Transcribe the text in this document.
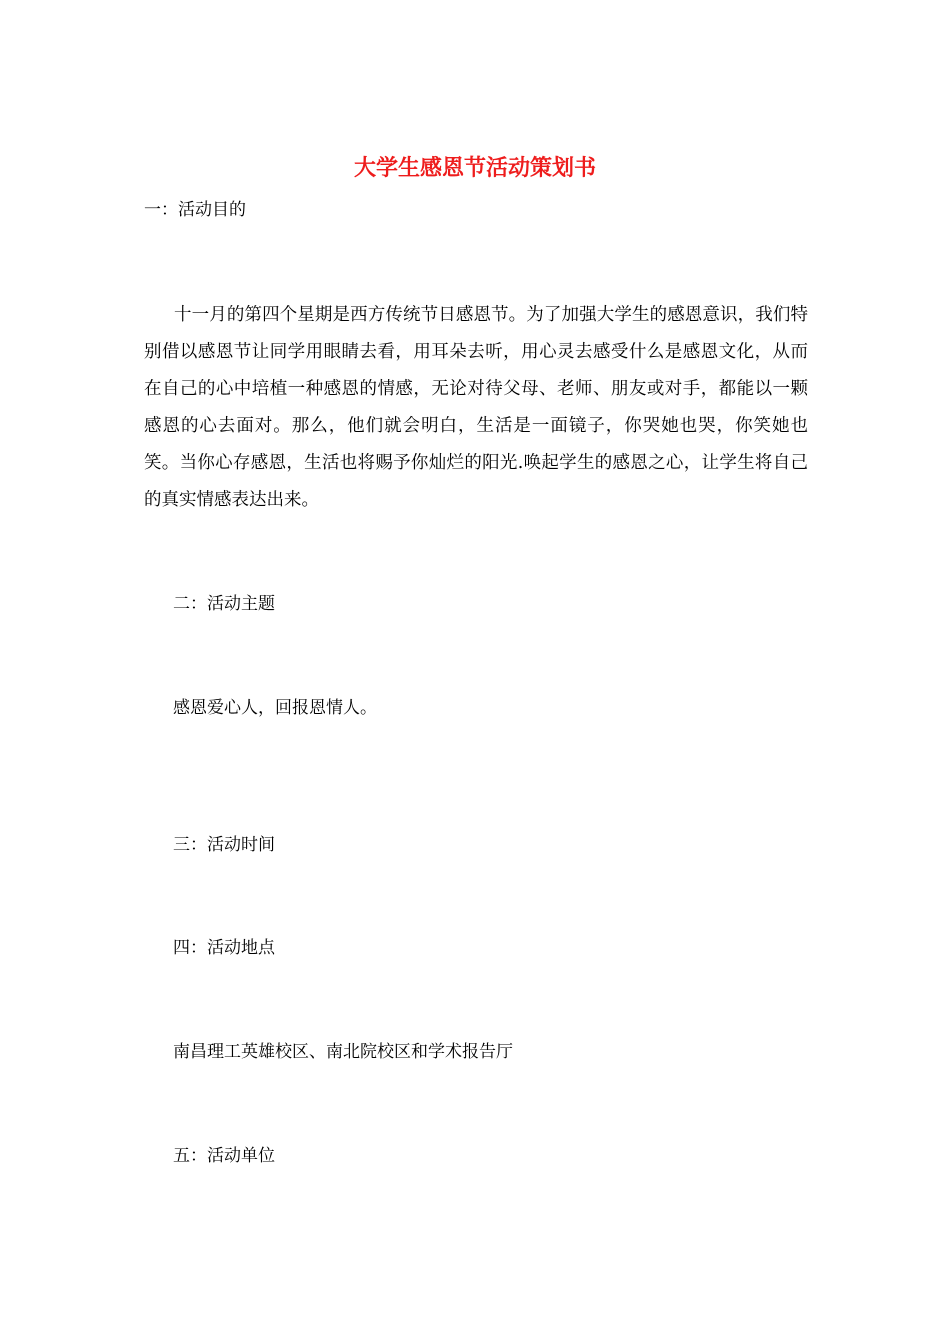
大学生感恩节活动策划书
一：活动目的
十一月的第四个星期是西方传统节日感恩节。为了加强大学生的感恩意识，我们特别借以感恩节让同学用眼睛去看，用耳朵去听，用心灵去感受什么是感恩文化，从而在自己的心中培植一种感恩的情感，无论对待父母、老师、朋友或对手，都能以一颗感恩的心去面对。那么，他们就会明白，生活是一面镜子，你哭她也哭，你笑她也笑。当你心存感恩，生活也将赐予你灿烂的阳光.唤起学生的感恩之心，让学生将自己的真实情感表达出来。
二：活动主题
感恩爱心人，回报恩情人。
三：活动时间
四：活动地点
南昌理工英雄校区、南北院校区和学术报告厅
五：活动单位
